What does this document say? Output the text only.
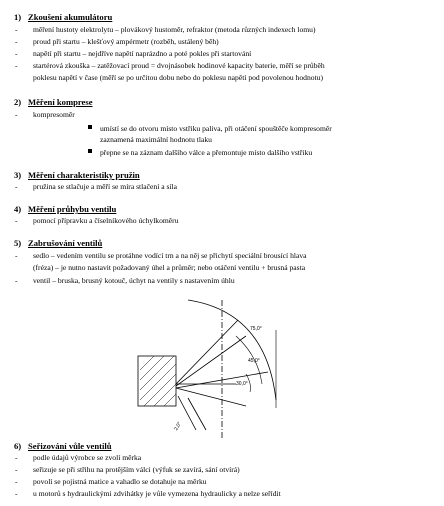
1) Zkoušení akumulátoru
- měření hustoty elektrolytu – plovákový hustoměr, refraktor (metoda různých indexech lomu)
- proud při startu – klešťový ampérmetr (rozběh, ustálený běh)
- napětí při startu – nejdříve napětí naprázdno a poté pokles při startování
- startérová zkouška – zatěžovací proud = dvojnásobek hodinové kapacity baterie, měří se průběh
poklesu napětí v čase (měří se po určitou dobu nebo do poklesu napětí pod povolenou hodnotu)
2) Měření komprese
- kompresoměr
umístí se do otvoru místo vstřiku paliva, při otáčení spouštěče kompresoměr
zaznamená maximální hodnotu tlaku
přepne se na záznam dalšího válce a přemontuje místo dalšího vstřiku
3) Měření charakteristiky pružin
- pružina se stlačuje a měří se míra stlačení a síla
4) Měření průhybu ventilu
- pomocí přípravku a číselníkového úchylkoměru
5) Zabrušování ventilů
- sedlo – vedením ventilu se protáhne vodící trn a na něj se přichytí speciální brousící hlava
(fréza) – je nutno nastavit požadovaný úhel a průměr; nebo otáčení ventilu + brusná pasta
- ventil – bruska, brusný kotouč, úchyt na ventily s nastavením úhlu
75,0°
45,0°
30,0°
2,0°
6) Seřizování vůle ventilů
- podle údajů výrobce se zvolí měrka
- seřizuje se při střihu na protějším válci (výfuk se zavírá, sání otvírá)
- povolí se pojistná matice a vahadlo se dotahuje na měrku
- u motorů s hydraulickými zdvihátky je vůle vymezena hydraulicky a nelze seřídit
